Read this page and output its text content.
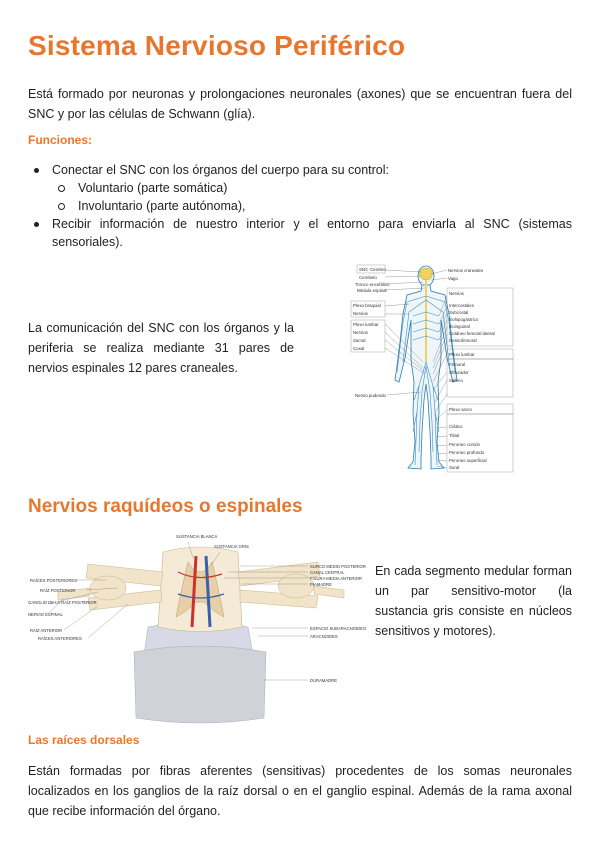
Sistema Nervioso Periférico

Está formado por neuronas y prolongaciones neuronales (axones) que se encuentran fuera del SNC y por las células de Schwann (glía).

Funciones:
Conectar el SNC con los órganos del cuerpo para su control:
Voluntario (parte somática)
Involuntario (parte autónoma),
Recibir información de nuestro interior y el entorno para enviarla al SNC (sistemas sensoriales).

La comunicación del SNC con los órganos y la periferia se realiza mediante 31 pares de nervios espinales 12 pares craneales.

SNC Cerebro
Cerebelo
Tronco encefálico
Médula espinal
Plexo braquial
Nervios
Plexo lumbar
Nervios
Sacral
Coxal
Nervio pudendo
Nervios craneales
Vago
Nervios
Intercostales
Subcostal
Iliohipogástrico
Ilioinguinal
Cutáneo femoral lateral
Genitofemoral
Plexo lumbar
Femoral
Obturador
Safeno
Plexo sacro
Ciático
Tibial
Peroneo común
Peroneo profundo
Peroneo superficial
Sural
Nervios raquídeos o espinales
SUSTANCIA BLANCA
SUSTANCIA GRIS
RAÍCES POSTERIORES
RAÍZ POSTERIOR
GANGLIO DE LA RAÍZ POSTERIOR
NERVIO ESPINAL
RAÍZ ANTERIOR
RAÍCES ANTERIORES
SURCO MEDIO POSTERIOR
CANAL CENTRAL
FISURA MEDIA ANTERIOR
PIAMADRE
ESPACIO SUBARACNOIDEO
ARACNOIDES
DURAMADRE

En cada segmento medular forman un par sensitivo-motor (la sustancia gris consiste en núcleos sensitivos y motores).

Las raíces dorsales

Están formadas por fibras aferentes (sensitivas) procedentes de los somas neuronales localizados en los ganglios de la raíz dorsal o en el ganglio espinal. Además de la rama axonal que recibe información del órgano.
